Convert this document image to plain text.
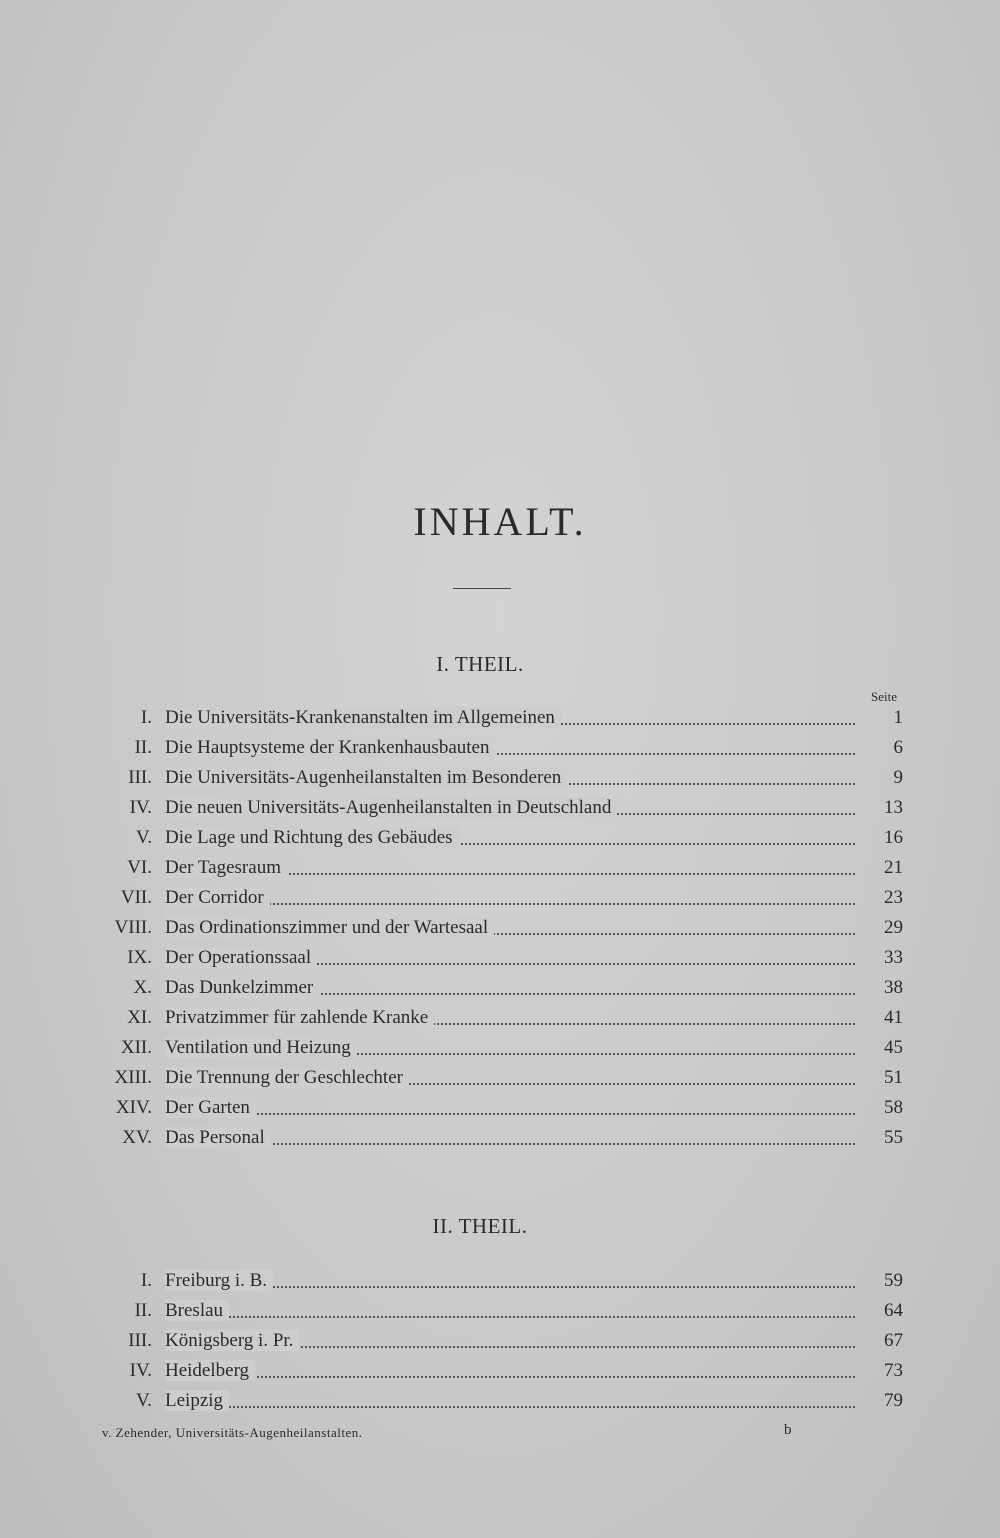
INHALT.
I. THEIL.
Seite
I. Die Universitäts-Krankenanstalten im Allgemeinen	1
II. Die Hauptsysteme der Krankenhausbauten	6
III. Die Universitäts-Augenheilanstalten im Besonderen	9
IV. Die neuen Universitäts-Augenheilanstalten in Deutschland	13
V. Die Lage und Richtung des Gebäudes	16
VI. Der Tagesraum	21
VII. Der Corridor	23
VIII. Das Ordinationszimmer und der Wartesaal	29
IX. Der Operationssaal	33
X. Das Dunkelzimmer	38
XI. Privatzimmer für zahlende Kranke	41
XII. Ventilation und Heizung	45
XIII. Die Trennung der Geschlechter	51
XIV. Der Garten	58
XV. Das Personal	55
II. THEIL.
I. Freiburg i. B.	59
II. Breslau	64
III. Königsberg i. Pr.	67
IV. Heidelberg	73
V. Leipzig	79
v. Zehender, Universitäts-Augenheilanstalten.	b
